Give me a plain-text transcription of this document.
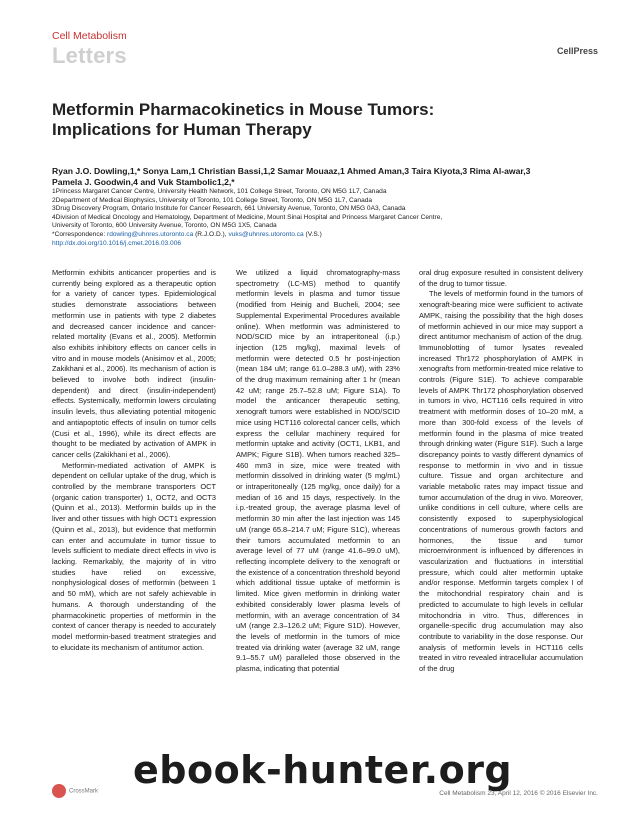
Cell Metabolism
Letters	CellPress
Metformin Pharmacokinetics in Mouse Tumors: Implications for Human Therapy
Ryan J.O. Dowling,1,* Sonya Lam,1 Christian Bassi,1,2 Samar Mouaaz,1 Ahmed Aman,3 Taira Kiyota,3 Rima Al-awar,3
Pamela J. Goodwin,4 and Vuk Stambolic1,2,*
1Princess Margaret Cancer Centre, University Health Network, 101 College Street, Toronto, ON M5G 1L7, Canada
2Department of Medical Biophysics, University of Toronto, 101 College Street, Toronto, ON M5G 1L7, Canada
3Drug Discovery Program, Ontario Institute for Cancer Research, 661 University Avenue, Toronto, ON M5G 0A3, Canada
4Division of Medical Oncology and Hematology, Department of Medicine, Mount Sinai Hospital and Princess Margaret Cancer Centre,
University of Toronto, 600 University Avenue, Toronto, ON M5G 1X5, Canada
*Correspondence: rdowling@uhnres.utoronto.ca (R.J.O.D.), vuks@uhnres.utoronto.ca (V.S.)
http://dx.doi.org/10.1016/j.cmet.2016.03.006

Metformin exhibits anticancer properties and is currently being explored as a therapeutic option for a variety of cancer types. Epidemiological studies demonstrate associations between metformin use in patients with type 2 diabetes and decreased cancer incidence and cancer-related mortality (Evans et al., 2005). Metformin also exhibits inhibitory effects on cancer cells in vitro and in mouse models (Anisimov et al., 2005; Zakikhani et al., 2006). Its mechanism of action is believed to involve both indirect (insulin-dependent) and direct (insulin-independent) effects. Systemically, metformin lowers circulating insulin levels, thus alleviating potential mitogenic and antiapoptotic effects of insulin on tumor cells (Cusi et al., 1996), while its direct effects are thought to be mediated by activation of AMPK in cancer cells (Zakikhani et al., 2006).

Metformin-mediated activation of AMPK is dependent on cellular uptake of the drug, which is controlled by the membrane transporters OCT (organic cation transporter) 1, OCT2, and OCT3 (Quinn et al., 2013). Metformin builds up in the liver and other tissues with high OCT1 expression (Quinn et al., 2013), but evidence that metformin can enter and accumulate in tumor tissue to levels sufficient to mediate direct effects in vivo is lacking. Remarkably, the majority of in vitro studies have relied on excessive, nonphysiological doses of metformin (between 1 and 50 mM), which are not safely achievable in humans. A thorough understanding of the pharmacokinetic properties of metformin in the context of cancer therapy is needed to accurately model metformin-based treatment strategies and to elucidate its mechanism of antitumor action.

We utilized a liquid chromatography-mass spectrometry (LC-MS) method to quantify metformin levels in plasma and tumor tissue (modified from Heinig and Bucheli, 2004; see Supplemental Experimental Procedures available online). When metformin was administered to NOD/SCID mice by an intraperitoneal (i.p.) injection (125 mg/kg), maximal levels of metformin were detected 0.5 hr post-injection (mean 184 uM; range 61.0–288.3 uM), with 23% of the drug maximum remaining after 1 hr (mean 42 uM; range 25.7–52.8 uM; Figure S1A). To model the anticancer therapeutic setting, xenograft tumors were established in NOD/SCID mice using HCT116 colorectal cancer cells, which express the cellular machinery required for metformin uptake and activity (OCT1, LKB1, and AMPK; Figure S1B). When tumors reached 325–460 mm3 in size, mice were treated with metformin dissolved in drinking water (5 mg/mL) or intraperitoneally (125 mg/kg, once daily) for a median of 16 and 15 days, respectively. In the i.p.-treated group, the average plasma level of metformin 30 min after the last injection was 145 uM (range 65.8–214.7 uM; Figure S1C), whereas their tumors accumulated metformin to an average level of 77 uM (range 41.6–99.0 uM), reflecting incomplete delivery to the xenograft or the existence of a concentration threshold beyond which additional tissue uptake of metformin is limited. Mice given metformin in drinking water exhibited considerably lower plasma levels of metformin, with an average concentration of 34 uM (range 2.3–126.2 uM; Figure S1D). However, the levels of metformin in the tumors of mice treated via drinking water (average 32 uM, range 9.1–55.7 uM) paralleled those observed in the plasma, indicating that potential

oral drug exposure resulted in consistent delivery of the drug to tumor tissue.

The levels of metformin found in the tumors of xenograft-bearing mice were sufficient to activate AMPK, raising the possibility that the high doses of metformin achieved in our mice may support a direct antitumor mechanism of action of the drug. Immunoblotting of tumor lysates revealed increased Thr172 phosphorylation of AMPK in xenografts from metformin-treated mice relative to controls (Figure S1E). To achieve comparable levels of AMPK Thr172 phosphorylation observed in tumors in vivo, HCT116 cells required in vitro treatment with metformin doses of 10–20 mM, a more than 300-fold excess of the levels of metformin found in the plasma of mice treated through drinking water (Figure S1F). Such a large discrepancy points to vastly different dynamics of response to metformin in vivo and in tissue culture. Tissue and organ architecture and variable metabolic rates may impact tissue and tumor accumulation of the drug in vivo. Moreover, unlike conditions in cell culture, where cells are consistently exposed to superphysiological concentrations of numerous growth factors and hormones, the tissue and tumor microenvironment is influenced by differences in vascularization and fluctuations in interstitial pressure, which could alter metformin uptake and/or response. Metformin targets complex I of the mitochondrial respiratory chain and is predicted to accumulate to high levels in cellular mitochondria in vitro. Thus, differences in organelle-specific drug accumulation may also contribute to variability in the dose response. Our analysis of metformin levels in HCT116 cells treated in vitro revealed intracellular accumulation of the drug

CrossMark	Cell Metabolism 23, April 12, 2016 © 2016 Elsevier Inc.
ebook-hunter.org
